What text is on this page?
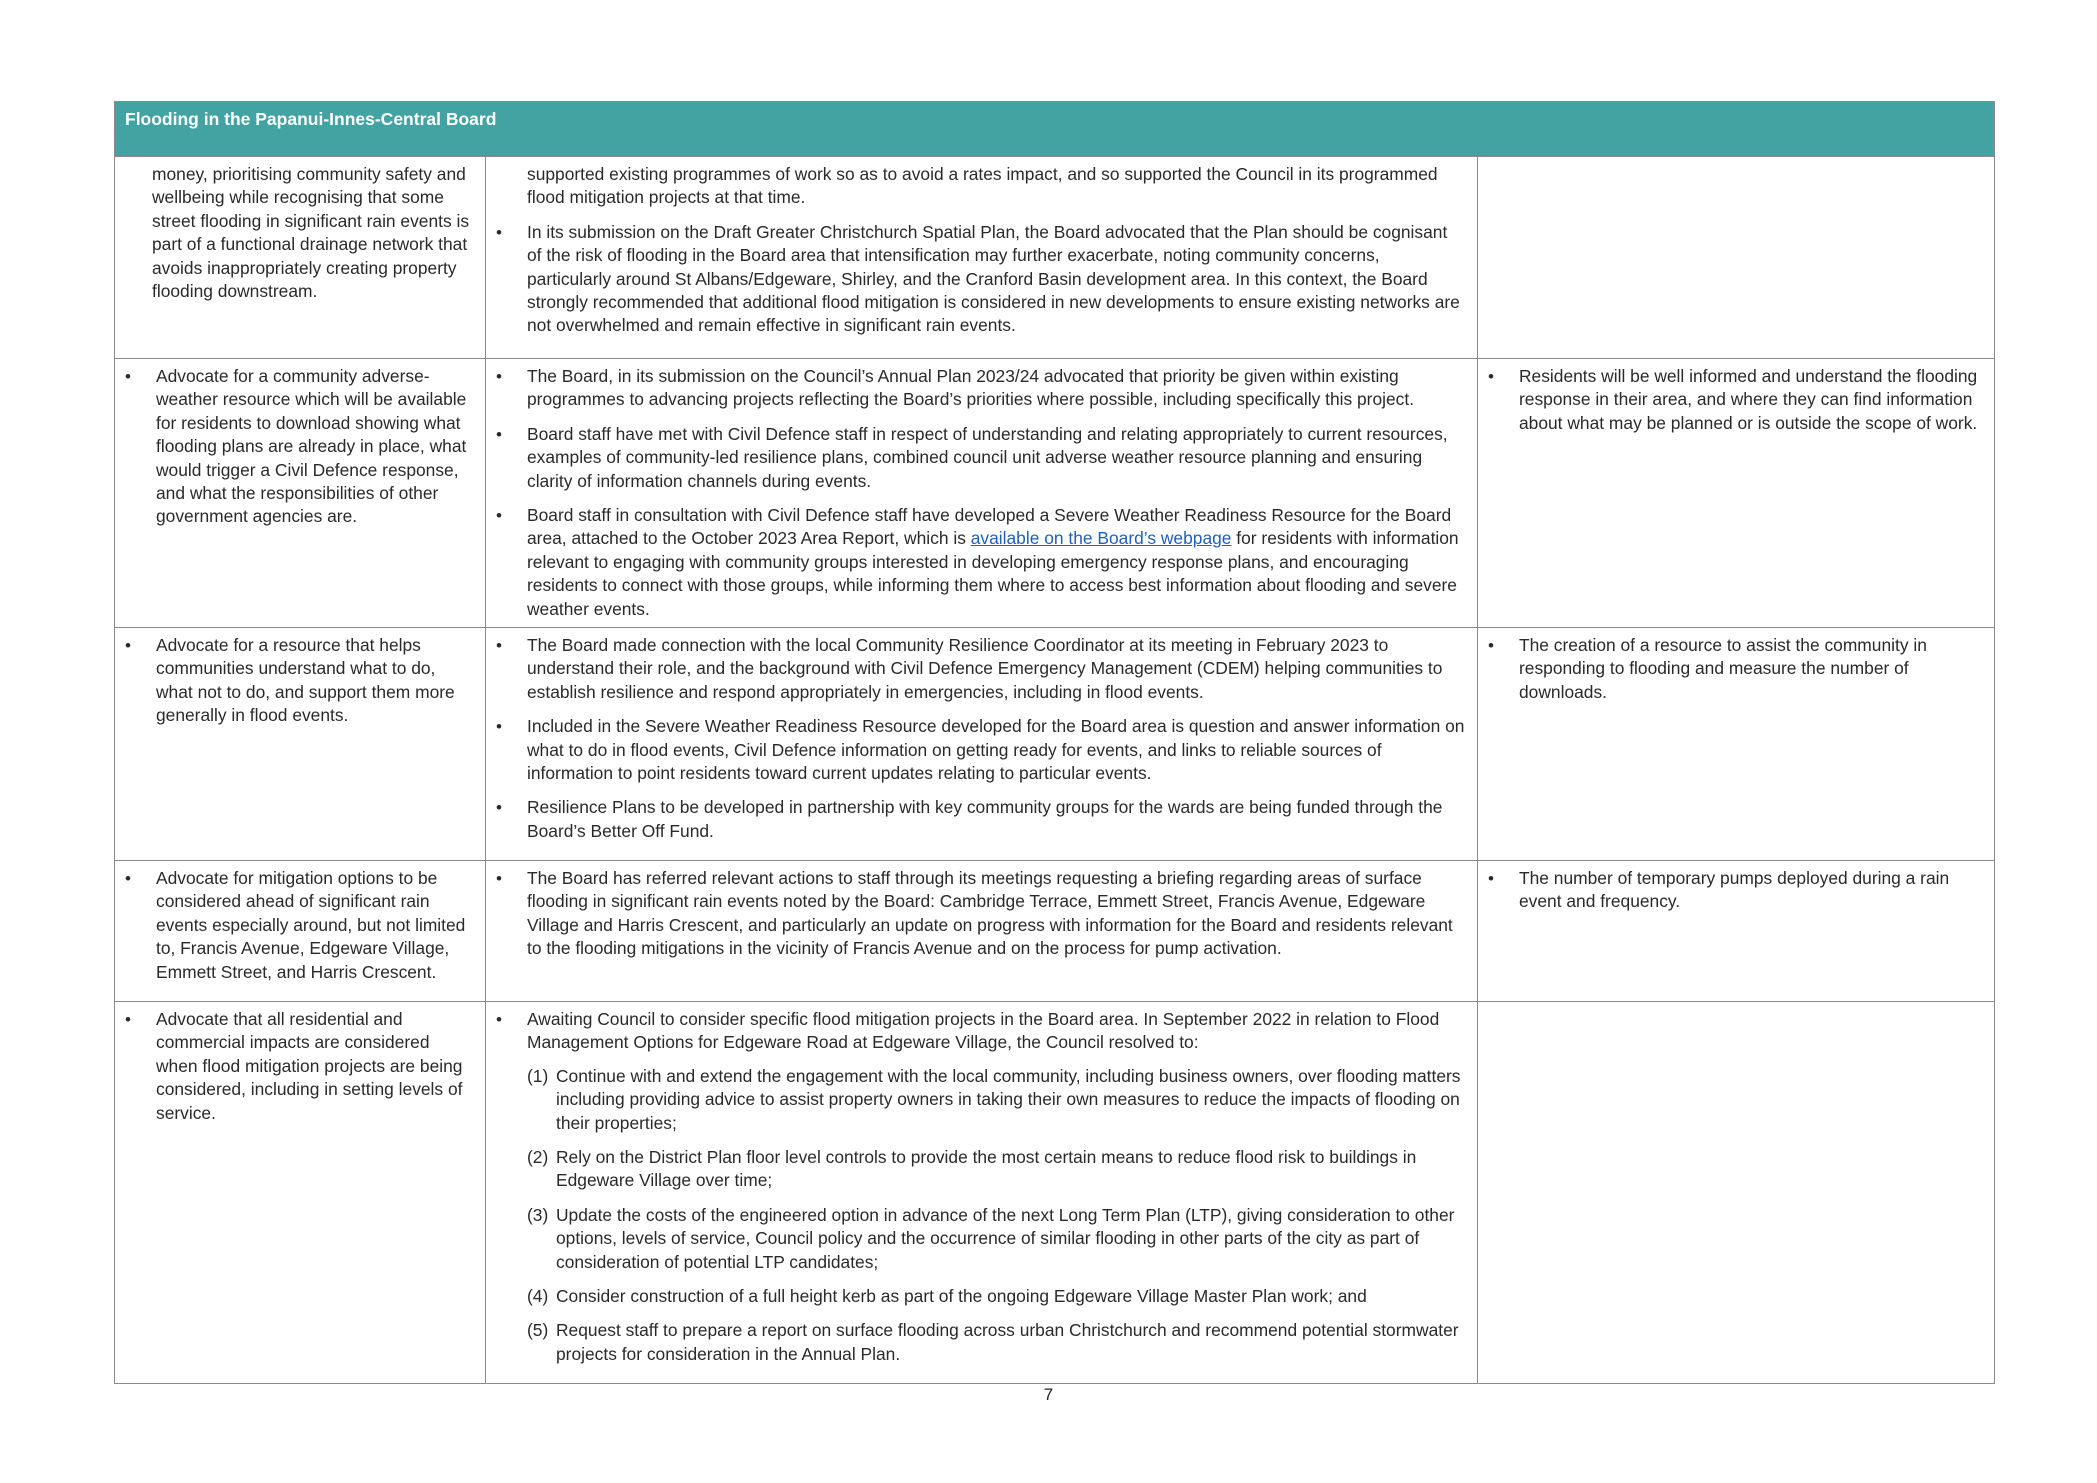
Flooding in the Papanui-Innes-Central Board

money, prioritising community safety and wellbeing while recognising that some street flooding in significant rain events is part of a functional drainage network that avoids inappropriately creating property flooding downstream.

supported existing programmes of work so as to avoid a rates impact, and so supported the Council in its programmed flood mitigation projects at that time.

• In its submission on the Draft Greater Christchurch Spatial Plan, the Board advocated that the Plan should be cognisant of the risk of flooding in the Board area that intensification may further exacerbate, noting community concerns, particularly around St Albans/Edgeware, Shirley, and the Cranford Basin development area. In this context, the Board strongly recommended that additional flood mitigation is considered in new developments to ensure existing networks are not overwhelmed and remain effective in significant rain events.
• Advocate for a community adverse-weather resource which will be available for residents to download showing what flooding plans are already in place, what would trigger a Civil Defence response, and what the responsibilities of other government agencies are.
• The Board, in its submission on the Council’s Annual Plan 2023/24 advocated that priority be given within existing programmes to advancing projects reflecting the Board’s priorities where possible, including specifically this project.
• Board staff have met with Civil Defence staff in respect of understanding and relating appropriately to current resources, examples of community-led resilience plans, combined council unit adverse weather resource planning and ensuring clarity of information channels during events.
• Board staff in consultation with Civil Defence staff have developed a Severe Weather Readiness Resource for the Board area, attached to the October 2023 Area Report, which is available on the Board’s webpage for residents with information relevant to engaging with community groups interested in developing emergency response plans, and encouraging residents to connect with those groups, while informing them where to access best information about flooding and severe weather events.
• Residents will be well informed and understand the flooding response in their area, and where they can find information about what may be planned or is outside the scope of work.
• Advocate for a resource that helps communities understand what to do, what not to do, and support them more generally in flood events.
• The Board made connection with the local Community Resilience Coordinator at its meeting in February 2023 to understand their role, and the background with Civil Defence Emergency Management (CDEM) helping communities to establish resilience and respond appropriately in emergencies, including in flood events.
• Included in the Severe Weather Readiness Resource developed for the Board area is question and answer information on what to do in flood events, Civil Defence information on getting ready for events, and links to reliable sources of information to point residents toward current updates relating to particular events.
• Resilience Plans to be developed in partnership with key community groups for the wards are being funded through the Board’s Better Off Fund.
• The creation of a resource to assist the community in responding to flooding and measure the number of downloads.
• Advocate for mitigation options to be considered ahead of significant rain events especially around, but not limited to, Francis Avenue, Edgeware Village, Emmett Street, and Harris Crescent.
• The Board has referred relevant actions to staff through its meetings requesting a briefing regarding areas of surface flooding in significant rain events noted by the Board: Cambridge Terrace, Emmett Street, Francis Avenue, Edgeware Village and Harris Crescent, and particularly an update on progress with information for the Board and residents relevant to the flooding mitigations in the vicinity of Francis Avenue and on the process for pump activation.
• The number of temporary pumps deployed during a rain event and frequency.
• Advocate that all residential and commercial impacts are considered when flood mitigation projects are being considered, including in setting levels of service.
• Awaiting Council to consider specific flood mitigation projects in the Board area. In September 2022 in relation to Flood Management Options for Edgeware Road at Edgeware Village, the Council resolved to:
(1) Continue with and extend the engagement with the local community, including business owners, over flooding matters including providing advice to assist property owners in taking their own measures to reduce the impacts of flooding on their properties;
(2) Rely on the District Plan floor level controls to provide the most certain means to reduce flood risk to buildings in Edgeware Village over time;
(3) Update the costs of the engineered option in advance of the next Long Term Plan (LTP), giving consideration to other options, levels of service, Council policy and the occurrence of similar flooding in other parts of the city as part of consideration of potential LTP candidates;
(4) Consider construction of a full height kerb as part of the ongoing Edgeware Village Master Plan work; and
(5) Request staff to prepare a report on surface flooding across urban Christchurch and recommend potential stormwater projects for consideration in the Annual Plan.
7
